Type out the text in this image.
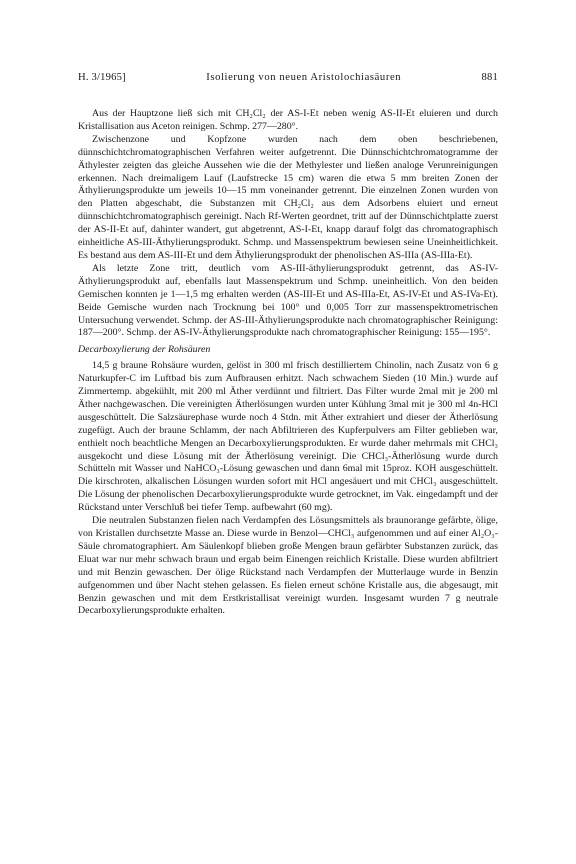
H. 3/1965]	Isolierung von neuen Aristolochiasäuren	881

Aus der Hauptzone ließ sich mit CH₂Cl₂ der AS-I-Et neben wenig AS-II-Et eluieren und durch Kristallisation aus Aceton reinigen. Schmp. 277—280°.

Zwischenzone und Kopfzone wurden nach dem oben beschriebenen, dünnschichtchromatographischen Verfahren weiter aufgetrennt. Die Dünnschichtchromatogramme der Äthylester zeigten das gleiche Aussehen wie die der Methylester und ließen analoge Verunreinigungen erkennen. Nach dreimaligem Lauf (Laufstrecke 15 cm) waren die etwa 5 mm breiten Zonen der Äthylierungsprodukte um jeweils 10—15 mm voneinander getrennt. Die einzelnen Zonen wurden von den Platten abgeschabt, die Substanzen mit CH₂Cl₂ aus dem Adsorbens eluiert und erneut dünnschichtchromatographisch gereinigt. Nach Rf-Werten geordnet, tritt auf der Dünnschichtplatte zuerst der AS-II-Et auf, dahinter wandert, gut abgetrennt, AS-I-Et, knapp darauf folgt das chromatographisch einheitliche AS-III-Äthylierungsprodukt. Schmp. und Massenspektrum bewiesen seine Uneinheitlichkeit. Es bestand aus dem AS-III-Et und dem Äthylierungsprodukt der phenolischen AS-IIIa (AS-IIIa-Et).

Als letzte Zone tritt, deutlich vom AS-III-äthylierungsprodukt getrennt, das AS-IV-Äthylierungsprodukt auf, ebenfalls laut Massenspektrum und Schmp. uneinheitlich. Von den beiden Gemischen konnten je 1—1,5 mg erhalten werden (AS-III-Et und AS-IIIa-Et, AS-IV-Et und AS-IVa-Et). Beide Gemische wurden nach Trocknung bei 100° und 0,005 Torr zur massenspektrometrischen Untersuchung verwendet. Schmp. der AS-III-Äthylierungsprodukte nach chromatographischer Reinigung: 187—200°. Schmp. der AS-IV-Äthylierungsprodukte nach chromatographischer Reinigung: 155—195°.

Decarboxylierung der Rohsäuren

14,5 g braune Rohsäure wurden, gelöst in 300 ml frisch destilliertem Chinolin, nach Zusatz von 6 g Naturkupfer-C im Luftbad bis zum Aufbrausen erhitzt. Nach schwachem Sieden (10 Min.) wurde auf Zimmertemp. abgekühlt, mit 200 ml Äther verdünnt und filtriert. Das Filter wurde 2mal mit je 200 ml Äther nachgewaschen. Die vereinigten Ätherlösungen wurden unter Kühlung 3mal mit je 300 ml 4n-HCl ausgeschüttelt. Die Salzsäurephase wurde noch 4 Stdn. mit Äther extrahiert und dieser der Ätherlösung zugefügt. Auch der braune Schlamm, der nach Abfiltrieren des Kupferpulvers am Filter geblieben war, enthielt noch beachtliche Mengen an Decarboxylierungsprodukten. Er wurde daher mehrmals mit CHCl₃ ausgekocht und diese Lösung mit der Ätherlösung vereinigt. Die CHCl₃-Ätherlösung wurde durch Schütteln mit Wasser und NaHCO₃-Lösung gewaschen und dann 6mal mit 15proz. KOH ausgeschüttelt. Die kirschroten, alkalischen Lösungen wurden sofort mit HCl angesäuert und mit CHCl₃ ausgeschüttelt. Die Lösung der phenolischen Decarboxylierungsprodukte wurde getrocknet, im Vak. eingedampft und der Rückstand unter Verschluß bei tiefer Temp. aufbewahrt (60 mg).

Die neutralen Substanzen fielen nach Verdampfen des Lösungsmittels als braunorange gefärbte, ölige, von Kristallen durchsetzte Masse an. Diese wurde in Benzol—CHCl₃ aufgenommen und auf einer Al₂O₃-Säule chromatographiert. Am Säulenkopf blieben große Mengen braun gefärbter Substanzen zurück, das Eluat war nur mehr schwach braun und ergab beim Einengen reichlich Kristalle. Diese wurden abfiltriert und mit Benzin gewaschen. Der ölige Rückstand nach Verdampfen der Mutterlauge wurde in Benzin aufgenommen und über Nacht stehen gelassen. Es fielen erneut schöne Kristalle aus, die abgesaugt, mit Benzin gewaschen und mit dem Erstkristallisat vereinigt wurden. Insgesamt wurden 7 g neutrale Decarboxylierungsprodukte erhalten.
